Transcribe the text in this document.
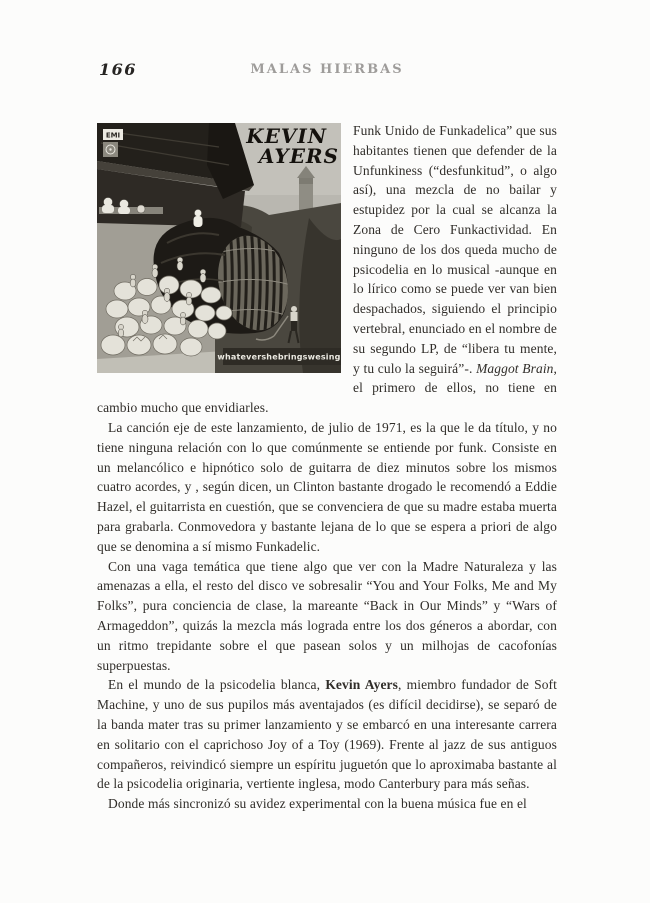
166	MALAS HIERBAS
whatevershebringswesing
EMI	KEVIN
AYERS

Funk Unido de Funkadelica” que sus habitantes tienen que defender de la Unfunkiness (“desfunkitud”, o algo así), una mezcla de no bailar y estupidez por la cual se alcanza la Zona de Cero Funkactividad. En ninguno de los dos queda mucho de psicodelia en lo musical -aunque en lo lírico como se puede ver van bien despachados, siguiendo el principio vertebral, enunciado en el nombre de su segundo LP, de “libera tu mente, y tu culo la seguirá”-. Maggot Brain, el primero de ellos, no tiene en cambio mucho que envidiarles.

La canción eje de este lanzamiento, de julio de 1971, es la que le da título, y no tiene ninguna relación con lo que comúnmente se entiende por funk. Consiste en un melancólico e hipnótico solo de guitarra de diez minutos sobre los mismos cuatro acordes, y , según dicen, un Clinton bastante drogado le recomendó a Eddie Hazel, el guitarrista en cuestión, que se convenciera de que su madre estaba muerta para grabarla. Conmovedora y bastante lejana de lo que se espera a priori de algo que se denomina a sí mismo Funkadelic.

Con una vaga temática que tiene algo que ver con la Madre Naturaleza y las amenazas a ella, el resto del disco ve sobresalir “You and Your Folks, Me and My Folks”, pura conciencia de clase, la mareante “Back in Our Minds” y “Wars of Armageddon”, quizás la mezcla más lograda entre los dos géneros a abordar, con un ritmo trepidante sobre el que pasean solos y un milhojas de cacofonías superpuestas.

En el mundo de la psicodelia blanca, Kevin Ayers, miembro fundador de Soft Machine, y uno de sus pupilos más aventajados (es difícil decidirse), se separó de la banda mater tras su primer lanzamiento y se embarcó en una interesante carrera en solitario con el caprichoso Joy of a Toy (1969). Frente al jazz de sus antiguos compañeros, reivindicó siempre un espíritu juguetón que lo aproximaba bastante al de la psicodelia originaria, vertiente inglesa, modo Canterbury para más señas.

Donde más sincronizó su avidez experimental con la buena música fue en el
